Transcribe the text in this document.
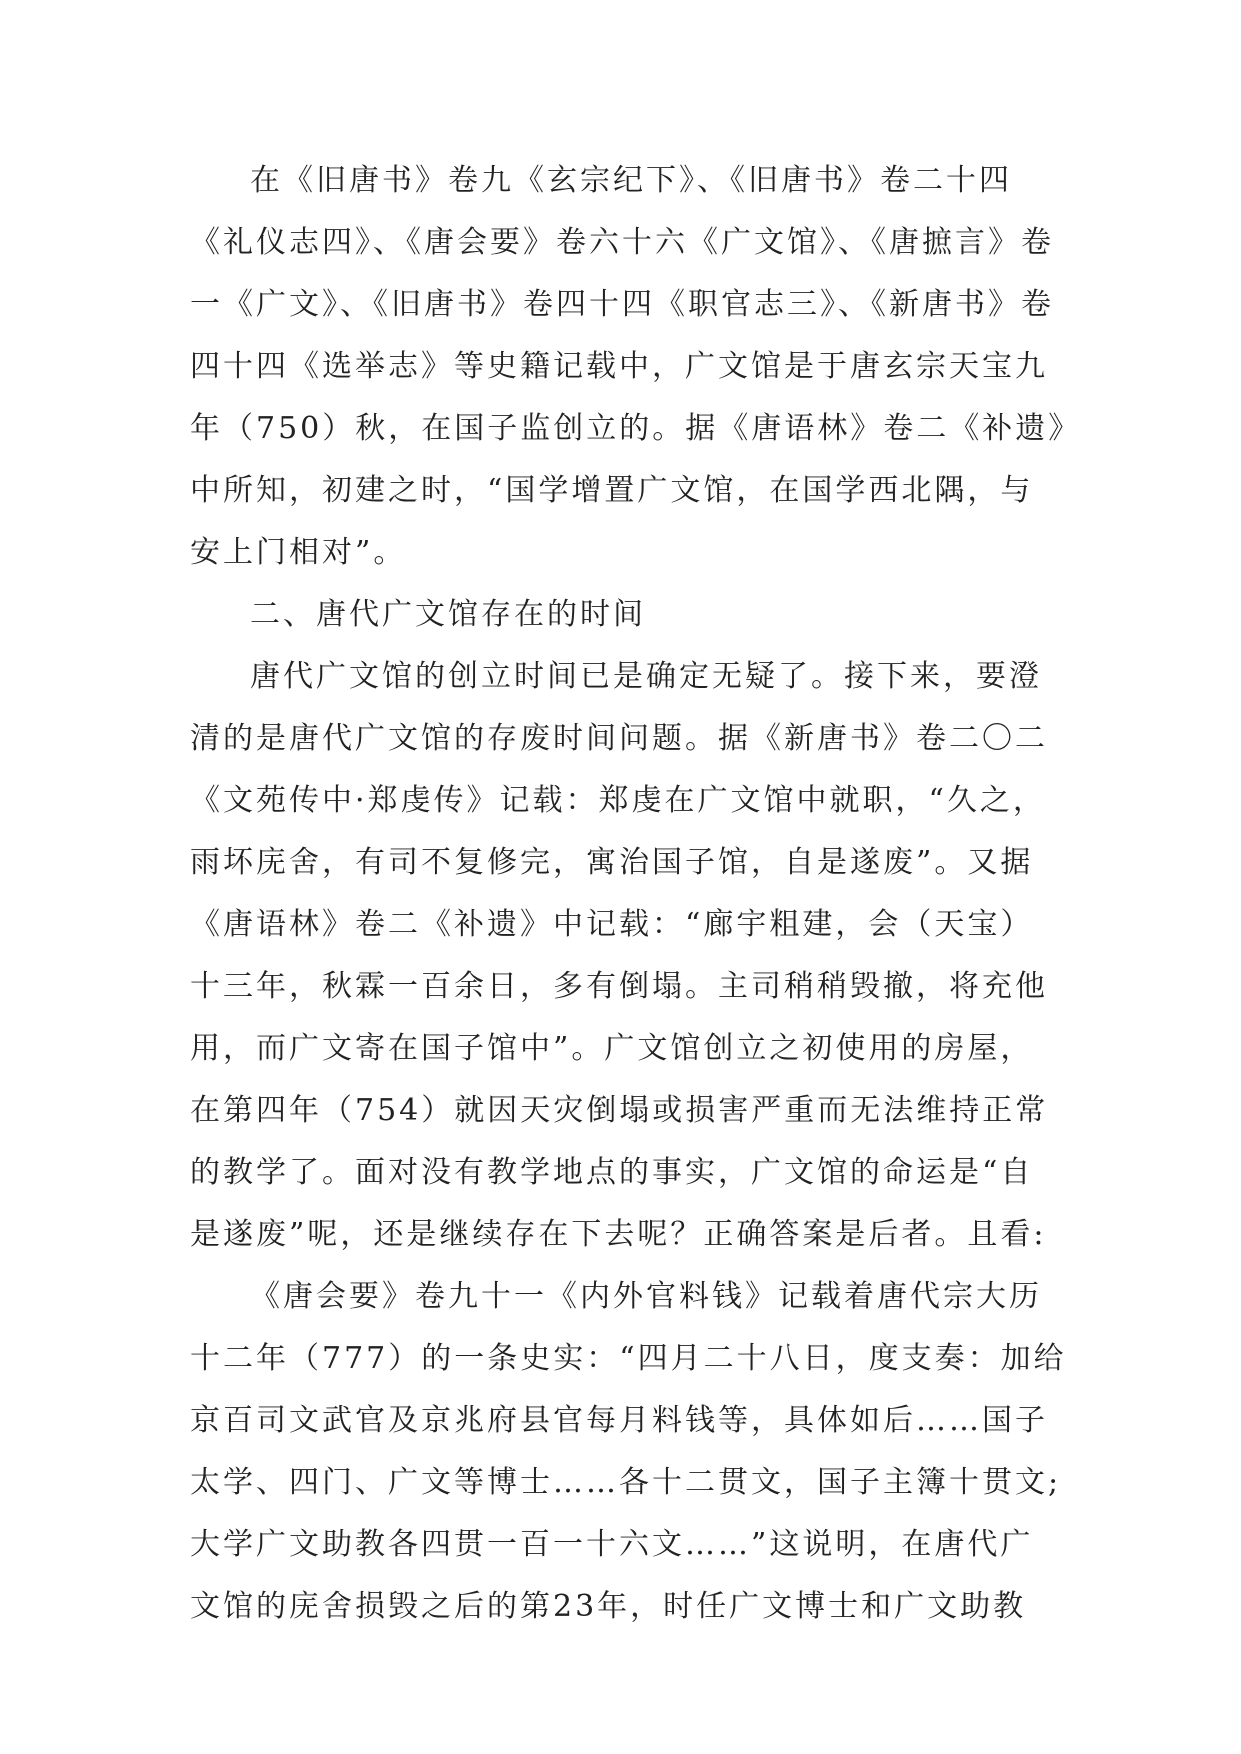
在《旧唐书》卷九《玄宗纪下》、《旧唐书》卷二十四
《礼仪志四》、《唐会要》卷六十六《广文馆》、《唐摭言》卷
一《广文》、《旧唐书》卷四十四《职官志三》、《新唐书》卷
四十四《选举志》等史籍记载中，广文馆是于唐玄宗天宝九
年（750）秋，在国子监创立的。据《唐语林》卷二《补遗》
中所知，初建之时，“国学增置广文馆，在国学西北隅，与
安上门相对”。
二、唐代广文馆存在的时间
唐代广文馆的创立时间已是确定无疑了。接下来，要澄
清的是唐代广文馆的存废时间问题。据《新唐书》卷二〇二
《文苑传中·郑虔传》记载：郑虔在广文馆中就职，“久之，
雨坏庑舍，有司不复修完，寓治国子馆，自是遂废”。又据
《唐语林》卷二《补遗》中记载：“廊宇粗建，会（天宝）
十三年，秋霖一百余日，多有倒塌。主司稍稍毁撤，将充他
用，而广文寄在国子馆中”。广文馆创立之初使用的房屋，
在第四年（754）就因天灾倒塌或损害严重而无法维持正常
的教学了。面对没有教学地点的事实，广文馆的命运是“自
是遂废”呢，还是继续存在下去呢？正确答案是后者。且看:
《唐会要》卷九十一《内外官料钱》记载着唐代宗大历
十二年（777）的一条史实：“四月二十八日，度支奏：加给
京百司文武官及京兆府县官每月料钱等，具体如后……国子
太学、四门、广文等博士……各十二贯文，国子主簿十贯文;
大学广文助教各四贯一百一十六文……”这说明，在唐代广
文馆的庑舍损毁之后的第23年，时任广文博士和广文助教
